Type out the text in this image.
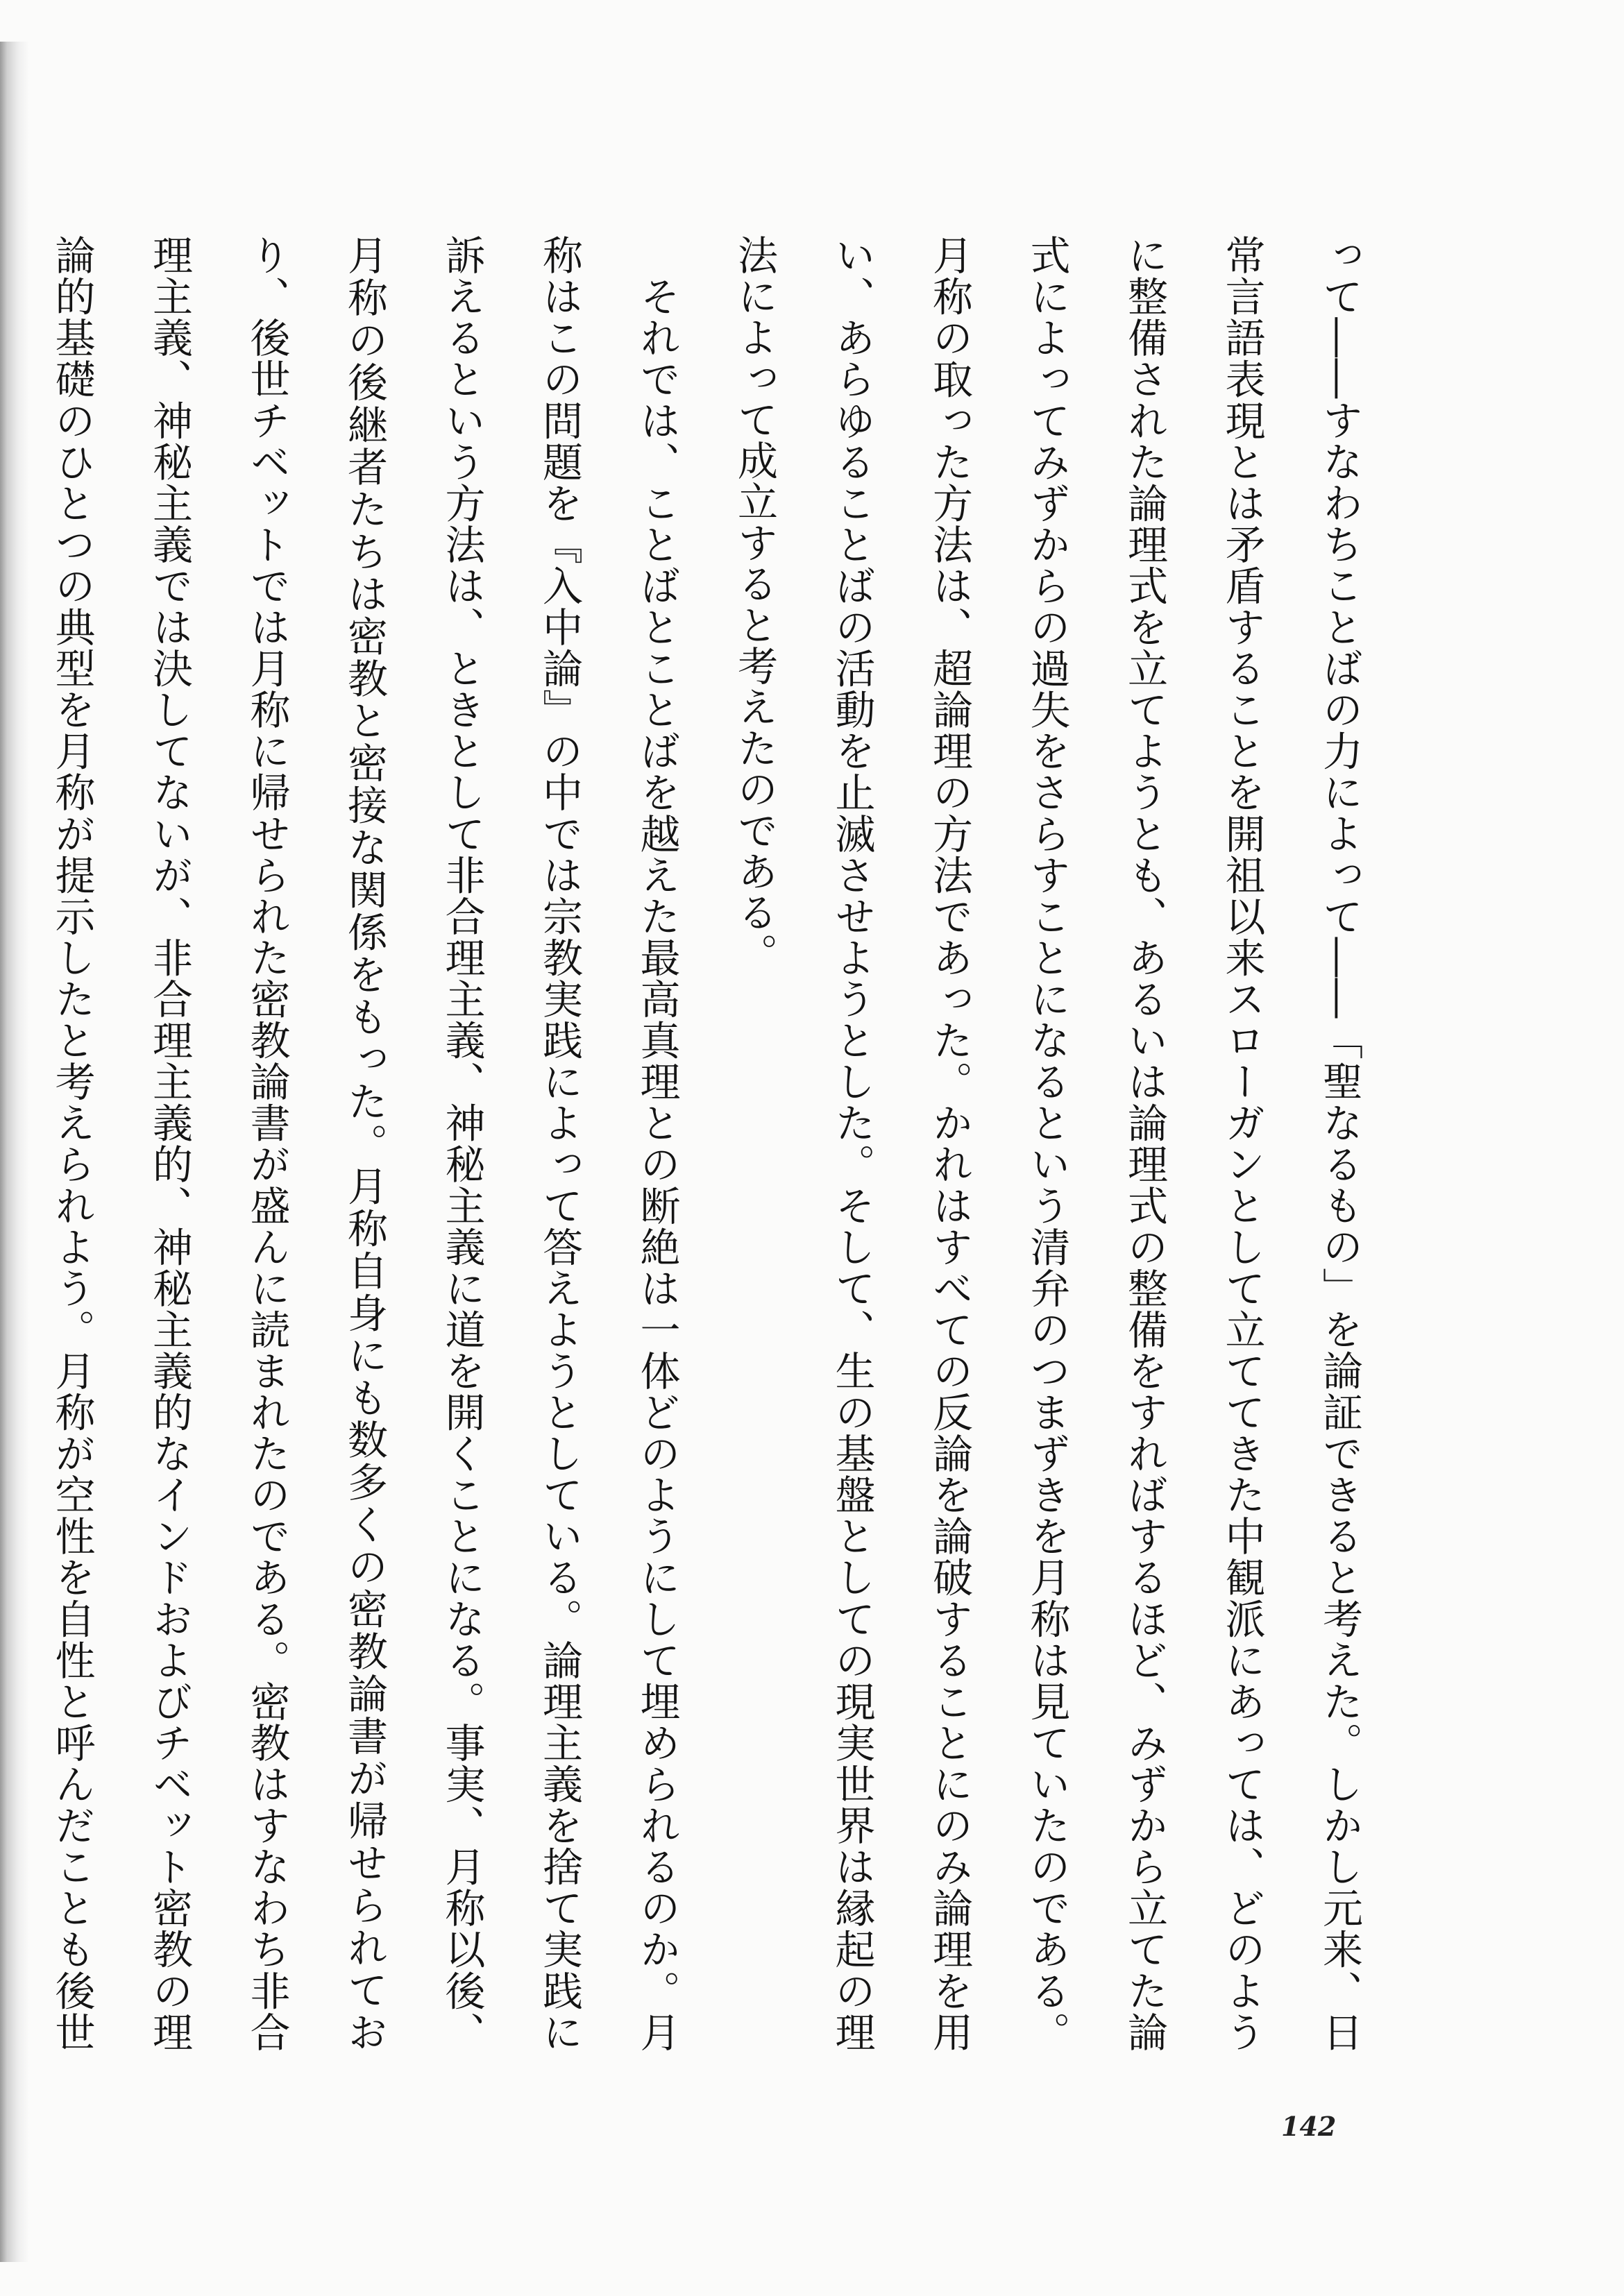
って――すなわちことばの力によって――「聖なるもの」を論証できると考えた。しかし元来、日常言語表現とは矛盾することを開祖以来スローガンとして立ててきた中観派にあっては、どのように整備された論理式を立てようとも、あるいは論理式の整備をすればするほど、みずから立てた論式によってみずからの過失をさらすことになるという清弁のつまずきを月称は見ていたのである。月称の取った方法は、超論理の方法であった。かれはすべての反論を論破することにのみ論理を用い、あらゆることばの活動を止滅させようとした。そして、生の基盤としての現実世界は縁起の理法によって成立すると考えたのである。

　それでは、ことばとことばを越えた最高真理との断絶は一体どのようにして埋められるのか。月称はこの問題を『入中論』の中では宗教実践によって答えようとしている。論理主義を捨て実践に訴えるという方法は、ときとして非合理主義、神秘主義に道を開くことになる。事実、月称以後、月称の後継者たちは密教と密接な関係をもった。月称自身にも数多くの密教論書が帰せられており、後世チベットでは月称に帰せられた密教論書が盛んに読まれたのである。密教はすなわち非合理主義、神秘主義では決してないが、非合理主義的、神秘主義的なインドおよびチベット密教の理論的基礎のひとつの典型を月称が提示したと考えられよう。月称が空性を自性と呼んだことも後世

142
